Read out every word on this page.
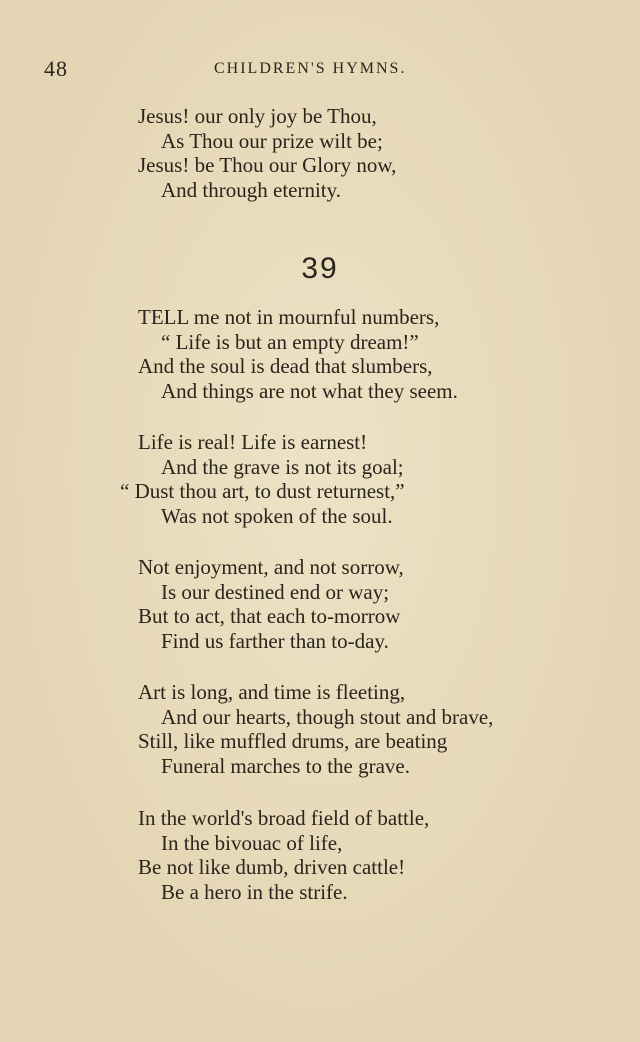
48	CHILDREN'S HYMNS.
Jesus! our only joy be Thou,
As Thou our prize wilt be;
Jesus! be Thou our Glory now,
And through eternity.
39
TELL me not in mournful numbers,
“ Life is but an empty dream!”
And the soul is dead that slumbers,
And things are not what they seem.
Life is real! Life is earnest!
And the grave is not its goal;
“ Dust thou art, to dust returnest,”
Was not spoken of the soul.
Not enjoyment, and not sorrow,
Is our destined end or way;
But to act, that each to-morrow
Find us farther than to-day.
Art is long, and time is fleeting,
And our hearts, though stout and brave,
Still, like muffled drums, are beating
Funeral marches to the grave.
In the world's broad field of battle,
In the bivouac of life,
Be not like dumb, driven cattle!
Be a hero in the strife.
